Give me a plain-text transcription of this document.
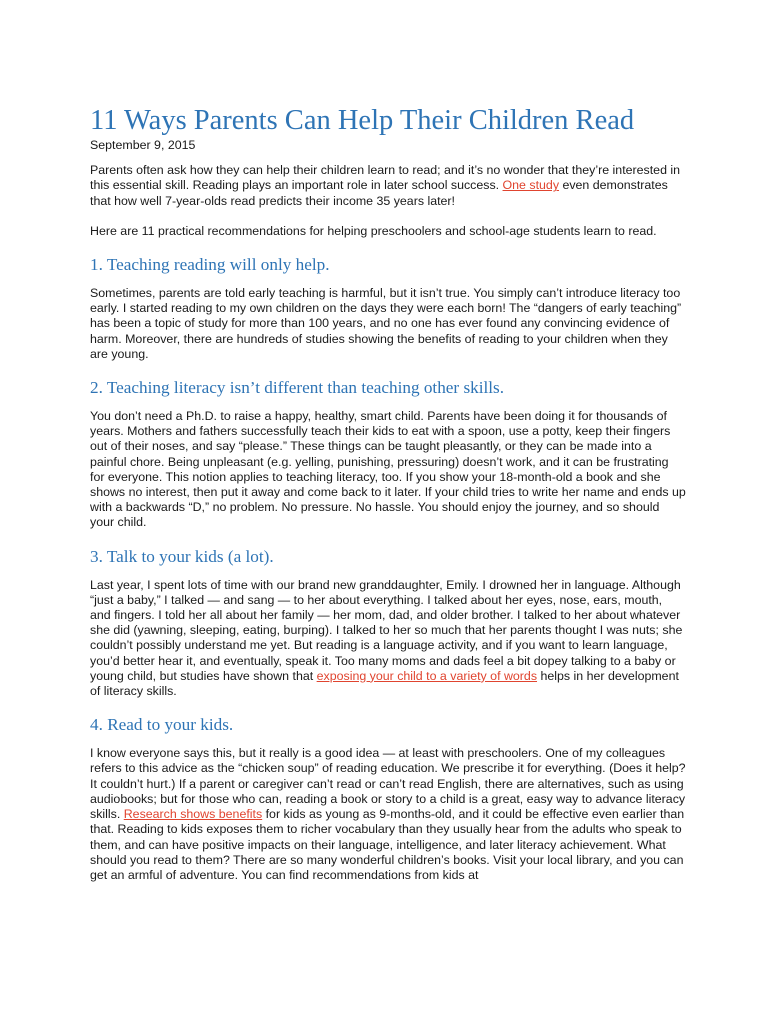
11 Ways Parents Can Help Their Children Read
September 9, 2015

Parents often ask how they can help their children learn to read; and it’s no wonder that they’re interested in this essential skill. Reading plays an important role in later school success. One study even demonstrates that how well 7-year-olds read predicts their income 35 years later!

Here are 11 practical recommendations for helping preschoolers and school-age students learn to read.

1. Teaching reading will only help.

Sometimes, parents are told early teaching is harmful, but it isn’t true. You simply can’t introduce literacy too early. I started reading to my own children on the days they were each born! The “dangers of early teaching” has been a topic of study for more than 100 years, and no one has ever found any convincing evidence of harm. Moreover, there are hundreds of studies showing the benefits of reading to your children when they are young.

2. Teaching literacy isn’t different than teaching other skills.

You don’t need a Ph.D. to raise a happy, healthy, smart child. Parents have been doing it for thousands of years. Mothers and fathers successfully teach their kids to eat with a spoon, use a potty, keep their fingers out of their noses, and say “please.” These things can be taught pleasantly, or they can be made into a painful chore. Being unpleasant (e.g. yelling, punishing, pressuring) doesn’t work, and it can be frustrating for everyone. This notion applies to teaching literacy, too. If you show your 18-month-old a book and she shows no interest, then put it away and come back to it later. If your child tries to write her name and ends up with a backwards “D,” no problem. No pressure. No hassle. You should enjoy the journey, and so should your child.

3. Talk to your kids (a lot).

Last year, I spent lots of time with our brand new granddaughter, Emily. I drowned her in language. Although “just a baby,” I talked — and sang — to her about everything. I talked about her eyes, nose, ears, mouth, and fingers. I told her all about her family — her mom, dad, and older brother. I talked to her about whatever she did (yawning, sleeping, eating, burping). I talked to her so much that her parents thought I was nuts; she couldn’t possibly understand me yet. But reading is a language activity, and if you want to learn language, you’d better hear it, and eventually, speak it. Too many moms and dads feel a bit dopey talking to a baby or young child, but studies have shown that exposing your child to a variety of words helps in her development of literacy skills.

4. Read to your kids.

I know everyone says this, but it really is a good idea — at least with preschoolers. One of my colleagues refers to this advice as the “chicken soup” of reading education. We prescribe it for everything. (Does it help? It couldn’t hurt.) If a parent or caregiver can’t read or can’t read English, there are alternatives, such as using audiobooks; but for those who can, reading a book or story to a child is a great, easy way to advance literacy skills. Research shows benefits for kids as young as 9-months-old, and it could be effective even earlier than that. Reading to kids exposes them to richer vocabulary than they usually hear from the adults who speak to them, and can have positive impacts on their language, intelligence, and later literacy achievement. What should you read to them? There are so many wonderful children’s books. Visit your local library, and you can get an armful of adventure. You can find recommendations from kids at
